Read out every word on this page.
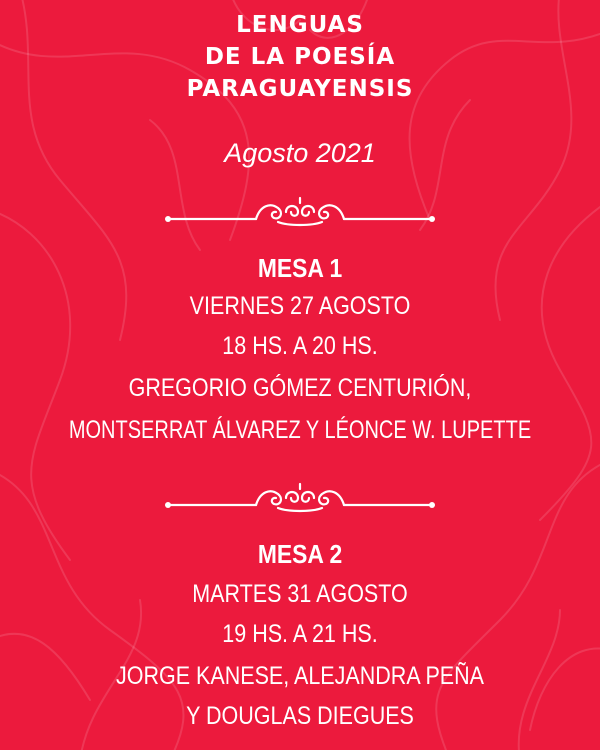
LENGUAS
DE LA POESÍA
PARAGUAYENSIS
Agosto 2021
MESA 1
VIERNES 27 AGOSTO
18 HS. A 20 HS.
GREGORIO GÓMEZ CENTURIÓN,
MONTSERRAT ÁLVAREZ Y LÉONCE W. LUPETTE
MESA 2
MARTES 31 AGOSTO
19 HS. A 21 HS.
JORGE KANESE, ALEJANDRA PEÑA
Y DOUGLAS DIEGUES
